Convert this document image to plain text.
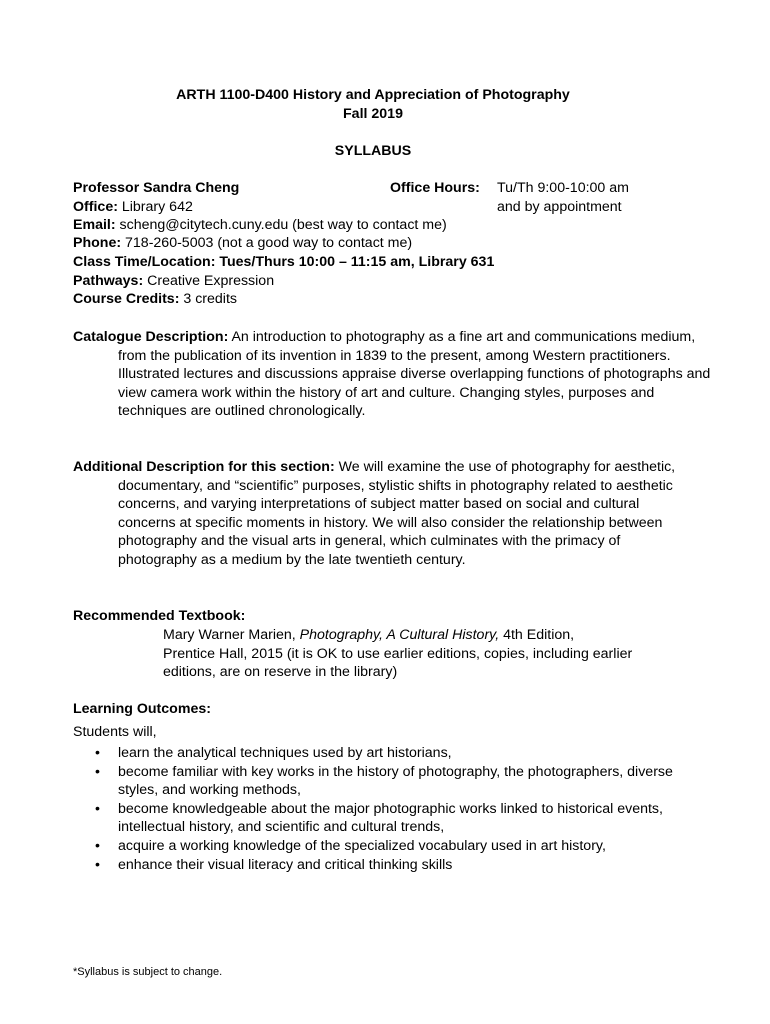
ARTH 1100-D400 History and Appreciation of Photography
Fall 2019
SYLLABUS
Professor Sandra Cheng	Office Hours: Tu/Th 9:00-10:00 am
and by appointment
Office: Library 642
Email: scheng@citytech.cuny.edu (best way to contact me)
Phone: 718-260-5003 (not a good way to contact me)
Class Time/Location: Tues/Thurs 10:00 – 11:15 am, Library 631
Pathways: Creative Expression
Course Credits: 3 credits
Catalogue Description: An introduction to photography as a fine art and communications medium, from the publication of its invention in 1839 to the present, among Western practitioners. Illustrated lectures and discussions appraise diverse overlapping functions of photographs and view camera work within the history of art and culture. Changing styles, purposes and techniques are outlined chronologically.
Additional Description for this section: We will examine the use of photography for aesthetic, documentary, and “scientific” purposes, stylistic shifts in photography related to aesthetic concerns, and varying interpretations of subject matter based on social and cultural concerns at specific moments in history. We will also consider the relationship between photography and the visual arts in general, which culminates with the primacy of photography as a medium by the late twentieth century.
Recommended Textbook:
Mary Warner Marien, Photography, A Cultural History, 4th Edition,
Prentice Hall, 2015 (it is OK to use earlier editions, copies, including earlier
editions, are on reserve in the library)
Learning Outcomes:
Students will,
• learn the analytical techniques used by art historians,
• become familiar with key works in the history of photography, the photographers, diverse styles, and working methods,
• become knowledgeable about the major photographic works linked to historical events, intellectual history, and scientific and cultural trends,
• acquire a working knowledge of the specialized vocabulary used in art history,
• enhance their visual literacy and critical thinking skills
*Syllabus is subject to change.
